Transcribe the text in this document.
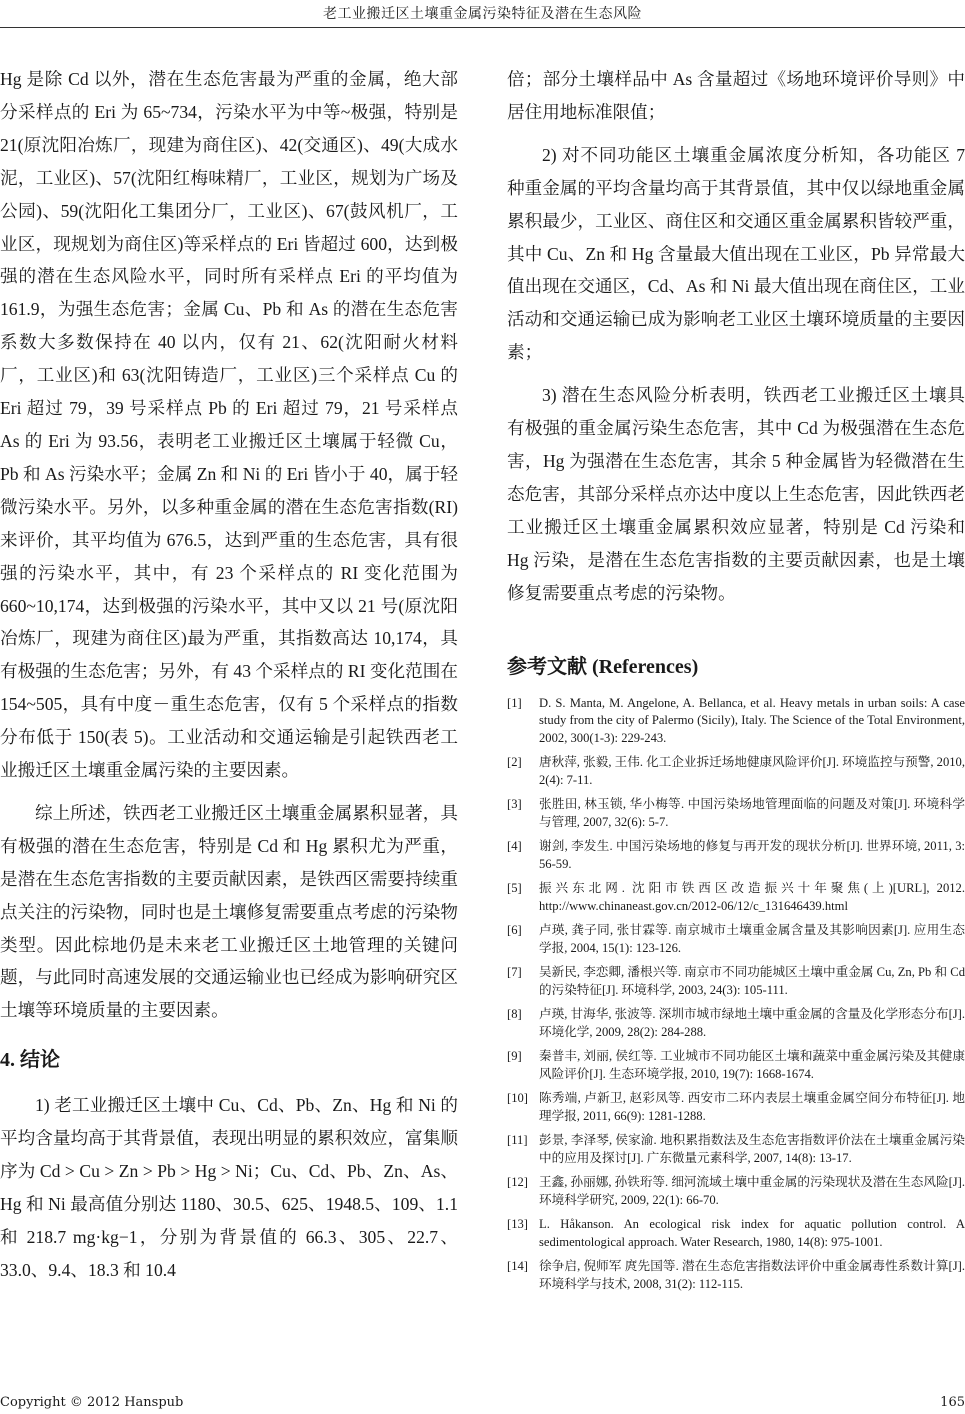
老工业搬迁区土壤重金属污染特征及潜在生态风险

Hg 是除 Cd 以外，潜在生态危害最为严重的金属，绝大部分采样点的 Eri 为 65~734，污染水平为中等~极强，特别是 21(原沈阳冶炼厂，现建为商住区)、42(交通区)、49(大成水泥，工业区)、57(沈阳红梅味精厂，工业区，规划为广场及公园)、59(沈阳化工集团分厂，工业区)、67(鼓风机厂，工业区，现规划为商住区)等采样点的 Eri 皆超过 600，达到极强的潜在生态风险水平，同时所有采样点 Eri 的平均值为 161.9，为强生态危害；金属 Cu、Pb 和 As 的潜在生态危害系数大多数保持在 40 以内，仅有 21、62(沈阳耐火材料厂，工业区)和 63(沈阳铸造厂，工业区)三个采样点 Cu 的 Eri 超过 79，39 号采样点 Pb 的 Eri 超过 79，21 号采样点 As 的 Eri 为 93.56，表明老工业搬迁区土壤属于轻微 Cu，Pb 和 As 污染水平；金属 Zn 和 Ni 的 Eri 皆小于 40，属于轻微污染水平。另外，以多种重金属的潜在生态危害指数(RI)来评价，其平均值为 676.5，达到严重的生态危害，具有很强的污染水平，其中，有 23 个采样点的 RI 变化范围为 660~10,174，达到极强的污染水平，其中又以 21 号(原沈阳冶炼厂，现建为商住区)最为严重，其指数高达 10,174，具有极强的生态危害；另外，有 43 个采样点的 RI 变化范围在 154~505，具有中度－重生态危害，仅有 5 个采样点的指数分布低于 150(表 5)。工业活动和交通运输是引起铁西老工业搬迁区土壤重金属污染的主要因素。

综上所述，铁西老工业搬迁区土壤重金属累积显著，具有极强的潜在生态危害，特别是 Cd 和 Hg 累积尤为严重，是潜在生态危害指数的主要贡献因素，是铁西区需要持续重点关注的污染物，同时也是土壤修复需要重点考虑的污染物类型。因此棕地仍是未来老工业搬迁区土地管理的关键问题，与此同时高速发展的交通运输业也已经成为影响研究区土壤等环境质量的主要因素。

4. 结论

1) 老工业搬迁区土壤中 Cu、Cd、Pb、Zn、Hg 和 Ni 的平均含量均高于其背景值，表现出明显的累积效应，富集顺序为 Cd > Cu > Zn > Pb > Hg > Ni；Cu、Cd、Pb、Zn、As、Hg 和 Ni 最高值分别达 1180、30.5、625、1948.5、109、1.1 和 218.7 mg·kg−1，分别为背景值的 66.3、305、22.7、33.0、9.4、18.3 和 10.4

倍；部分土壤样品中 As 含量超过《场地环境评价导则》中居住用地标准限值；

2) 对不同功能区土壤重金属浓度分析知，各功能区 7 种重金属的平均含量均高于其背景值，其中仅以绿地重金属累积最少，工业区、商住区和交通区重金属累积皆较严重，其中 Cu、Zn 和 Hg 含量最大值出现在工业区，Pb 异常最大值出现在交通区，Cd、As 和 Ni 最大值出现在商住区，工业活动和交通运输已成为影响老工业区土壤环境质量的主要因素；

3) 潜在生态风险分析表明，铁西老工业搬迁区土壤具有极强的重金属污染生态危害，其中 Cd 为极强潜在生态危害，Hg 为强潜在生态危害，其余 5 种金属皆为轻微潜在生态危害，其部分采样点亦达中度以上生态危害，因此铁西老工业搬迁区土壤重金属累积效应显著，特别是 Cd 污染和 Hg 污染，是潜在生态危害指数的主要贡献因素，也是土壤修复需要重点考虑的污染物。

参考文献 (References)
[1]	D. S. Manta, M. Angelone, A. Bellanca, et al. Heavy metals in urban soils: A case study from the city of Palermo (Sicily), Italy. The Science of the Total Environment, 2002, 300(1-3): 229-243.
[2]	唐秋萍, 张毅, 王伟. 化工企业拆迁场地健康风险评价[J]. 环境监控与预警, 2010, 2(4): 7-11.
[3]	张胜田, 林玉锁, 华小梅等. 中国污染场地管理面临的问题及对策[J]. 环境科学与管理, 2007, 32(6): 5-7.
[4]	谢剑, 李发生. 中国污染场地的修复与再开发的现状分析[J]. 世界环境, 2011, 3: 56-59.
[5]	振兴东北网. 沈阳市铁西区改造振兴十年聚焦(上)[URL], 2012. http://www.chinaneast.gov.cn/2012-06/12/c_131646439.html
[6]	卢瑛, 龚子同, 张甘霖等. 南京城市土壤重金属含量及其影响因素[J]. 应用生态学报, 2004, 15(1): 123-126.
[7]	吴新民, 李恋卿, 潘根兴等. 南京市不同功能城区土壤中重金属 Cu, Zn, Pb 和 Cd 的污染特征[J]. 环境科学, 2003, 24(3): 105-111.
[8]	卢瑛, 甘海华, 张波等. 深圳市城市绿地土壤中重金属的含量及化学形态分布[J]. 环境化学, 2009, 28(2): 284-288.
[9]	秦普丰, 刘丽, 侯红等. 工业城市不同功能区土壤和蔬菜中重金属污染及其健康风险评价[J]. 生态环境学报, 2010, 19(7): 1668-1674.
[10] 陈秀端, 卢新卫, 赵彩凤等. 西安市二环内表层土壤重金属空间分布特征[J]. 地理学报, 2011, 66(9): 1281-1288.
[11] 彭景, 李泽琴, 侯家渝. 地积累指数法及生态危害指数评价法在土壤重金属污染中的应用及探讨[J]. 广东微量元素科学, 2007, 14(8): 13-17.
[12] 王鑫, 孙丽娜, 孙铁珩等. 细河流域土壤中重金属的污染现状及潜在生态风险[J]. 环境科学研究, 2009, 22(1): 66-70.
[13] L. Håkanson. An ecological risk index for aquatic pollution control. A sedimentological approach. Water Research, 1980, 14(8): 975-1001.
[14] 徐争启, 倪师军 庹先国等. 潜在生态危害指数法评价中重金属毒性系数计算[J]. 环境科学与技术, 2008, 31(2): 112-115.
Copyright © 2012 Hanspub	165
